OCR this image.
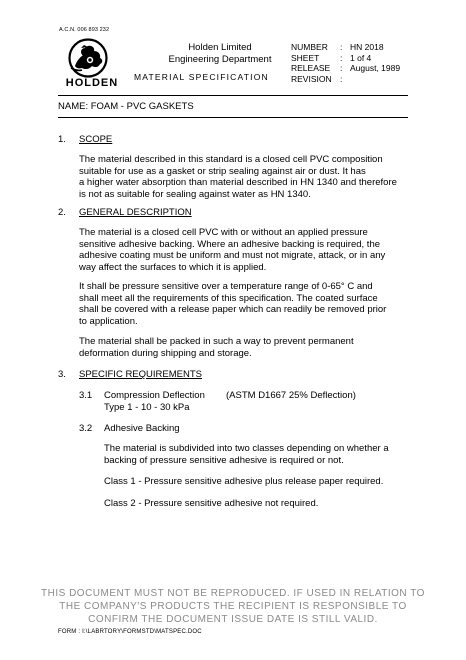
A.C.N. 006 893 232
HOLDEN
Holden Limited
Engineering Department
MATERIAL SPECIFICATION
NUMBER	: HN 2018
SHEET	: 1 of 4
RELEASE	: August, 1989
REVISION :
NAME: FOAM - PVC GASKETS
1. SCOPE
The material described in this standard is a closed cell PVC composition
suitable for use as a gasket or strip sealing against air or dust. It has
a higher water absorption than material described in HN 1340 and therefore
is not as suitable for sealing against water as HN 1340.
2. GENERAL DESCRIPTION
The material is a closed cell PVC with or without an applied pressure
sensitive adhesive backing. Where an adhesive backing is required, the
adhesive coating must be uniform and must not migrate, attack, or in any
way affect the surfaces to which it is applied.
It shall be pressure sensitive over a temperature range of 0-65° C and
shall meet all the requirements of this specification. The coated surface
shall be covered with a release paper which can readily be removed prior
to application.
The material shall be packed in such a way to prevent permanent
deformation during shipping and storage.
3. SPECIFIC REQUIREMENTS
3.1 Compression Deflection (ASTM D1667 25% Deflection)
Type 1 - 10 - 30 kPa
3.2 Adhesive Backing
The material is subdivided into two classes depending on whether a
backing of pressure sensitive adhesive is required or not.
Class 1 - Pressure sensitive adhesive plus release paper required.
Class 2 - Pressure sensitive adhesive not required.
THIS DOCUMENT MUST NOT BE REPRODUCED. IF USED IN RELATION TO
THE COMPANY'S PRODUCTS THE RECIPIENT IS RESPONSIBLE TO
CONFIRM THE DOCUMENT ISSUE DATE IS STILL VALID.
FORM : I:\LABRTORY\FORMSTD\MATSPEC.DOC
